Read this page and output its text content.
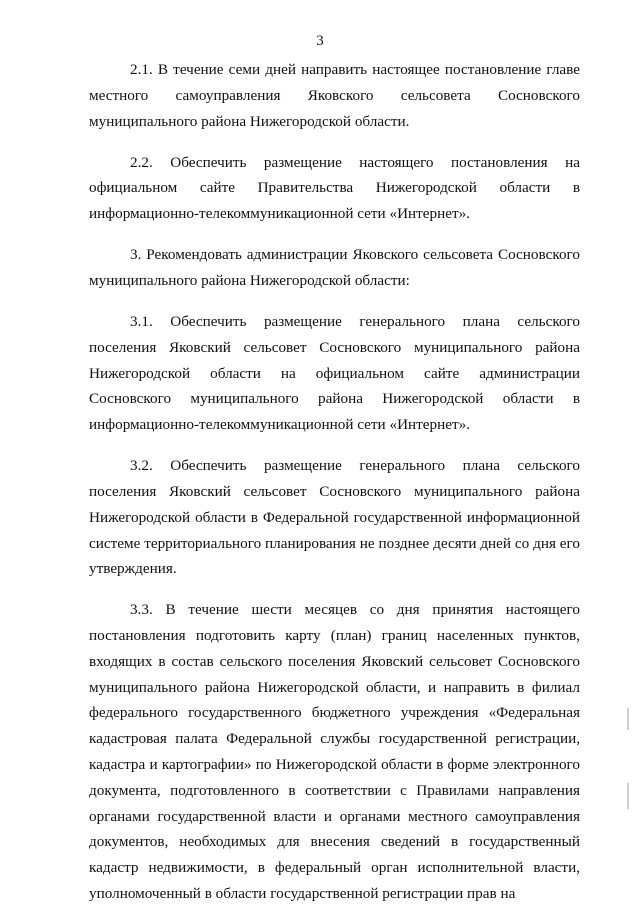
3

2.1. В течение семи дней направить настоящее постановление главе местного самоуправления Яковского сельсовета Сосновского муниципального района Нижегородской области.

2.2. Обеспечить размещение настоящего постановления на официальном сайте Правительства Нижегородской области в информационно-телекоммуникационной сети «Интернет».

3. Рекомендовать администрации Яковского сельсовета Сосновского муниципального района Нижегородской области:

3.1. Обеспечить размещение генерального плана сельского поселения Яковский сельсовет Сосновского муниципального района Нижегородской области на официальном сайте администрации Сосновского муниципального района Нижегородской области в информационно-телекоммуникационной сети «Интернет».

3.2. Обеспечить размещение генерального плана сельского поселения Яковский сельсовет Сосновского муниципального района Нижегородской области в Федеральной государственной информационной системе территориального планирования не позднее десяти дней со дня его утверждения.

3.3. В течение шести месяцев со дня принятия настоящего постановления подготовить карту (план) границ населенных пунктов, входящих в состав сельского поселения Яковский сельсовет Сосновского муниципального района Нижегородской области, и направить в филиал федерального государственного бюджетного учреждения «Федеральная кадастровая палата Федеральной службы государственной регистрации, кадастра и картографии» по Нижегородской области в форме электронного документа, подготовленного в соответствии с Правилами направления органами государственной власти и органами местного самоуправления документов, необходимых для внесения сведений в государственный кадастр недвижимости, в федеральный орган исполнительной власти, уполномоченный в области государственной регистрации прав на
